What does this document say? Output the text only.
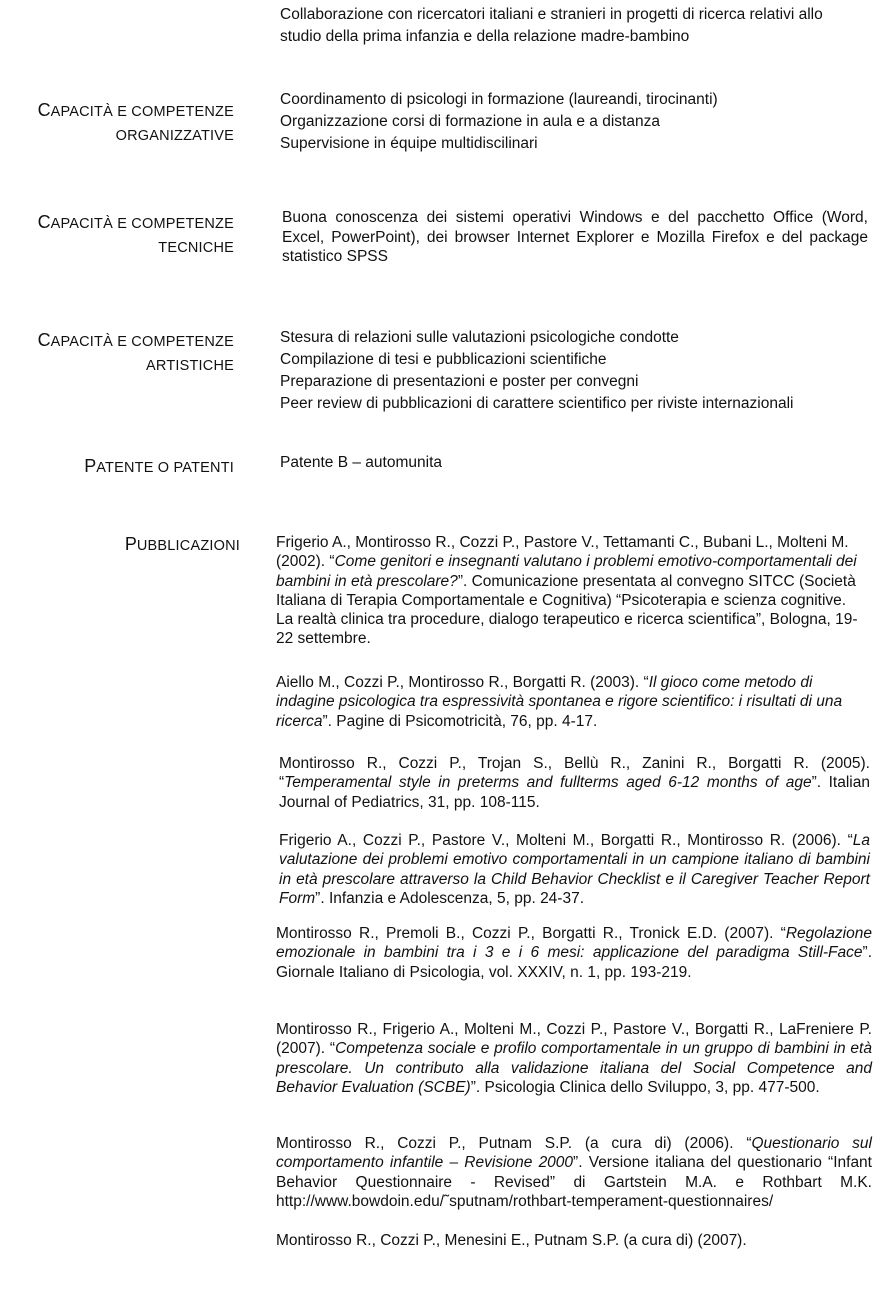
Collaborazione con ricercatori italiani e stranieri in progetti di ricerca relativi allo
studio della prima infanzia e della relazione madre-bambino
CAPACITÀ E COMPETENZE
ORGANIZZATIVE
Coordinamento di psicologi in formazione (laureandi, tirocinanti)
Organizzazione corsi di formazione in aula e a distanza
Supervisione in équipe multidiscilinari
CAPACITÀ E COMPETENZE
TECNICHE
Buona conoscenza dei sistemi operativi Windows e del pacchetto Office (Word, Excel, PowerPoint), dei browser Internet Explorer e Mozilla Firefox e del package statistico SPSS
CAPACITÀ E COMPETENZE
ARTISTICHE
Stesura di relazioni sulle valutazioni psicologiche condotte
Compilazione di tesi e pubblicazioni scientifiche
Preparazione di presentazioni e poster per convegni
Peer review di pubblicazioni di carattere scientifico per riviste internazionali
PATENTE O PATENTI	Patente B – automunita
PUBBLICAZIONI Frigerio A., Montirosso R., Cozzi P., Pastore V., Tettamanti C., Bubani L., Molteni M. (2002). “Come genitori e insegnanti valutano i problemi emotivo-comportamentali dei bambini in età prescolare?”. Comunicazione presentata al convegno SITCC (Società Italiana di Terapia Comportamentale e Cognitiva) “Psicoterapia e scienza cognitive. La realtà clinica tra procedure, dialogo terapeutico e ricerca scientifica”, Bologna, 19-22 settembre.
Aiello M., Cozzi P., Montirosso R., Borgatti R. (2003). “Il gioco come metodo di indagine psicologica tra espressività spontanea e rigore scientifico: i risultati di una ricerca”. Pagine di Psicomotricità, 76, pp. 4-17.
Montirosso R., Cozzi P., Trojan S., Bellù R., Zanini R., Borgatti R. (2005). “Temperamental style in preterms and fullterms aged 6-12 months of age”. Italian Journal of Pediatrics, 31, pp. 108-115.
Frigerio A., Cozzi P., Pastore V., Molteni M., Borgatti R., Montirosso R. (2006). “La valutazione dei problemi emotivo comportamentali in un campione italiano di bambini in età prescolare attraverso la Child Behavior Checklist e il Caregiver Teacher Report Form”. Infanzia e Adolescenza, 5, pp. 24-37.
Montirosso R., Premoli B., Cozzi P., Borgatti R., Tronick E.D. (2007). “Regolazione emozionale in bambini tra i 3 e i 6 mesi: applicazione del paradigma Still-Face”. Giornale Italiano di Psicologia, vol. XXXIV, n. 1, pp. 193-219.
Montirosso R., Frigerio A., Molteni M., Cozzi P., Pastore V., Borgatti R., LaFreniere P. (2007). “Competenza sociale e profilo comportamentale in un gruppo di bambini in età prescolare. Un contributo alla validazione italiana del Social Competence and Behavior Evaluation (SCBE)”. Psicologia Clinica dello Sviluppo, 3, pp. 477-500.
Montirosso R., Cozzi P., Putnam S.P. (a cura di) (2006). “Questionario sul comportamento infantile – Revisione 2000”. Versione italiana del questionario “Infant Behavior Questionnaire - Revised” di Gartstein M.A. e Rothbart M.K. http://www.bowdoin.edu/˜sputnam/rothbart-temperament-questionnaires/
Montirosso R., Cozzi P., Menesini E., Putnam S.P. (a cura di) (2007).
